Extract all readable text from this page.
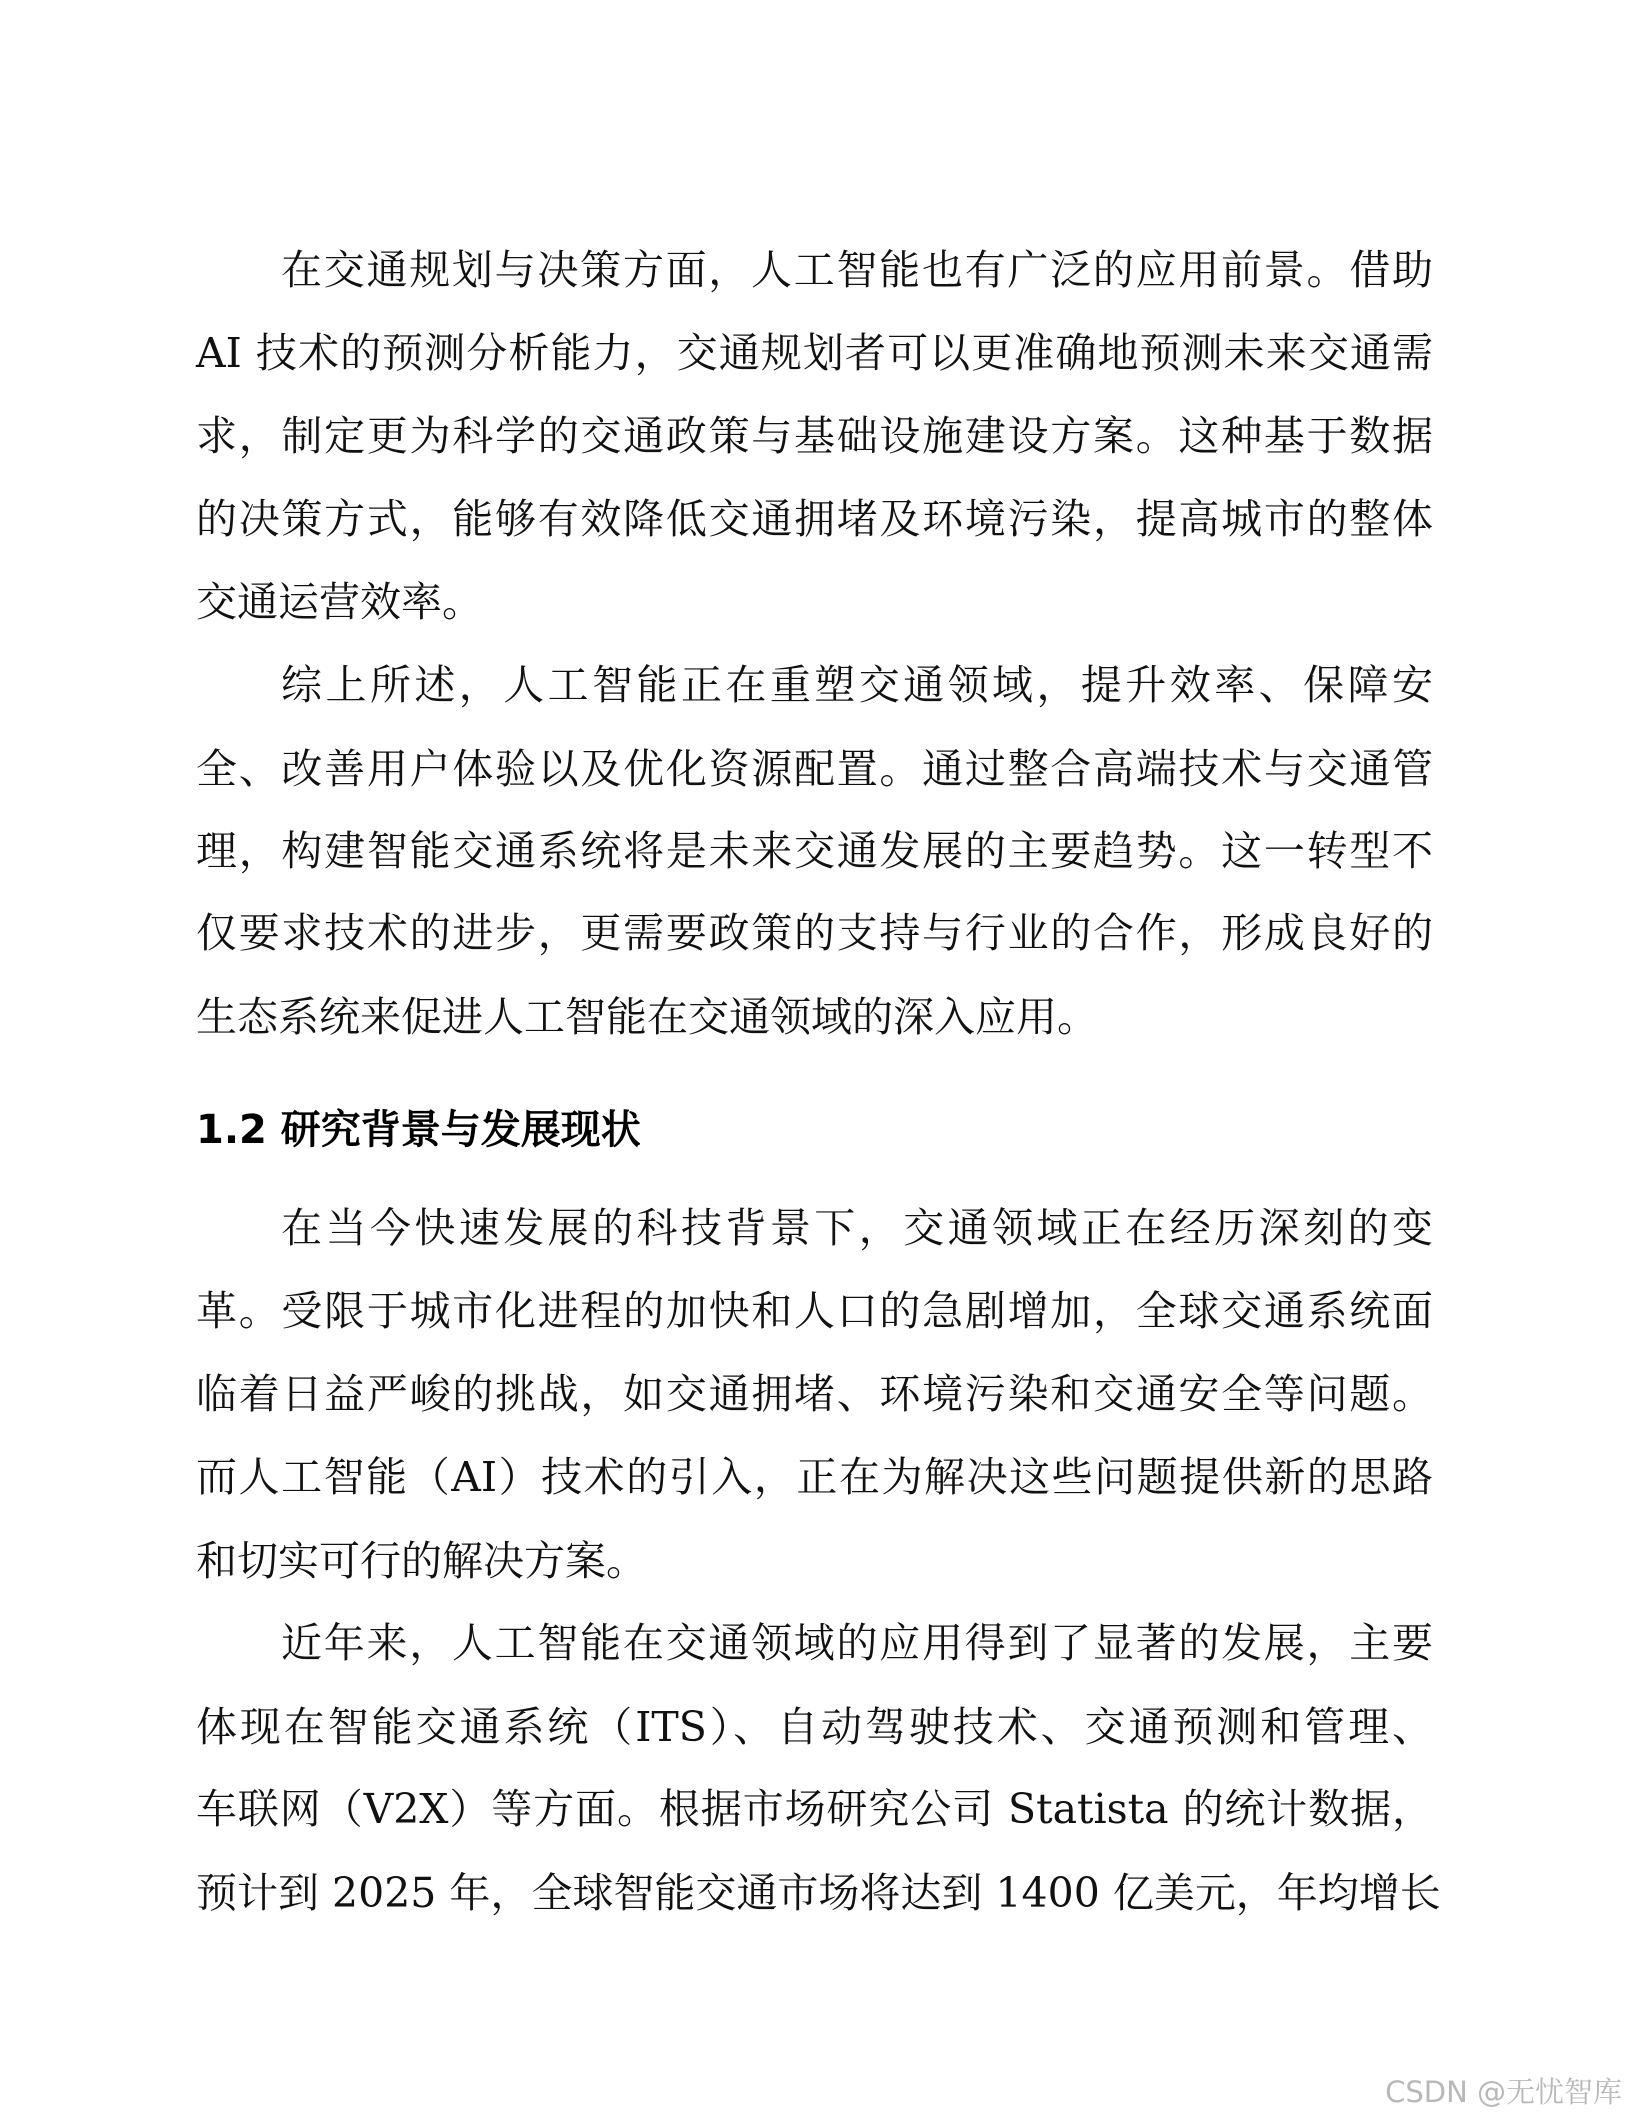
在交通规划与决策方面，人工智能也有广泛的应用前景。借助
AI 技术的预测分析能力，交通规划者可以更准确地预测未来交通需
求，制定更为科学的交通政策与基础设施建设方案。这种基于数据
的决策方式，能够有效降低交通拥堵及环境污染，提高城市的整体
交通运营效率。
综上所述，人工智能正在重塑交通领域，提升效率、保障安
全、改善用户体验以及优化资源配置。通过整合高端技术与交通管
理，构建智能交通系统将是未来交通发展的主要趋势。这一转型不
仅要求技术的进步，更需要政策的支持与行业的合作，形成良好的
生态系统来促进人工智能在交通领域的深入应用。
在当今快速发展的科技背景下，交通领域正在经历深刻的变
革。受限于城市化进程的加快和人口的急剧增加，全球交通系统面
临着日益严峻的挑战，如交通拥堵、环境污染和交通安全等问题。
而人工智能（AI）技术的引入，正在为解决这些问题提供新的思路
和切实可行的解决方案。
近年来，人工智能在交通领域的应用得到了显著的发展，主要
体现在智能交通系统（ITS）、自动驾驶技术、交通预测和管理、
车联网（V2X）等方面。根据市场研究公司 Statista 的统计数据，
预计到 2025 年，全球智能交通市场将达到 1400 亿美元，年均增长
1.2 研究背景与发展现状
CSDN @无忧智库
